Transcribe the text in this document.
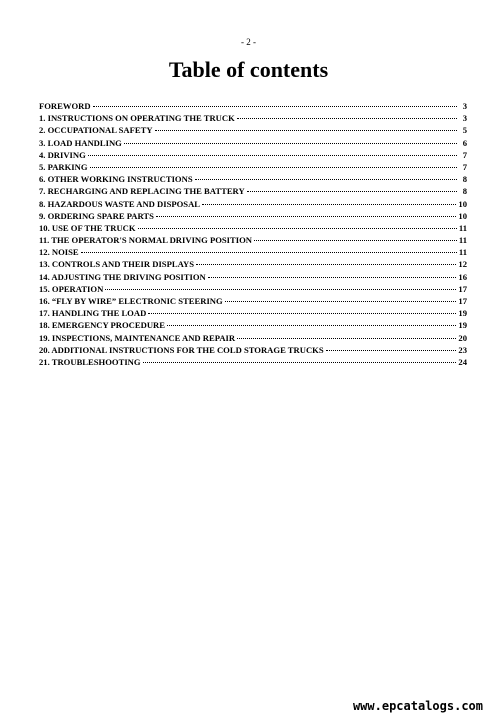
- 2 -
Table of contents
FOREWORD	3
1. INSTRUCTIONS ON OPERATING THE TRUCK	3
2. OCCUPATIONAL SAFETY	5
3. LOAD HANDLING	6
4. DRIVING	7
5. PARKING	7
6. OTHER WORKING INSTRUCTIONS	8
7. RECHARGING AND REPLACING THE BATTERY	8
8. HAZARDOUS WASTE AND DISPOSAL	10
9. ORDERING SPARE PARTS	10
10. USE OF THE TRUCK	11
11. THE OPERATOR'S NORMAL DRIVING POSITION	11
12. NOISE	11
13. CONTROLS AND THEIR DISPLAYS	12
14. ADJUSTING THE DRIVING POSITION	16
15. OPERATION	17
16. “FLY BY WIRE” ELECTRONIC STEERING	17
17. HANDLING THE LOAD	19
18. EMERGENCY PROCEDURE	19
19. INSPECTIONS, MAINTENANCE AND REPAIR	20
20. ADDITIONAL INSTRUCTIONS FOR THE COLD STORAGE TRUCKS	23
21. TROUBLESHOOTING	24
www.epcatalogs.com
